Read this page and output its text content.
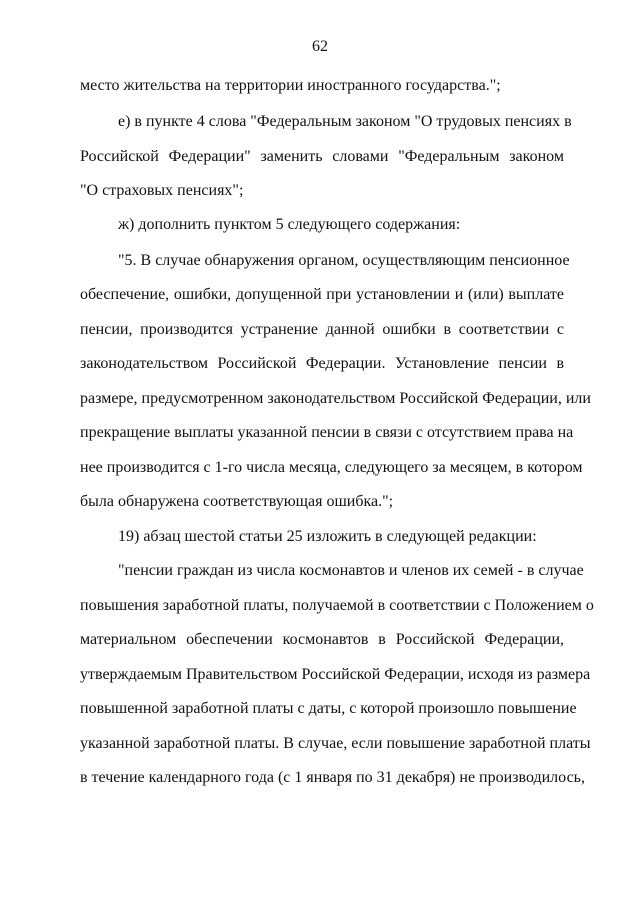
62
место жительства на территории иностранного государства.";
е) в пункте 4 слова "Федеральным законом "О трудовых пенсиях в
Российской Федерации" заменить словами "Федеральным законом
"О страховых пенсиях";
ж) дополнить пунктом 5 следующего содержания:
"5. В случае обнаружения органом, осуществляющим пенсионное
обеспечение, ошибки, допущенной при установлении и (или) выплате
пенсии, производится устранение данной ошибки в соответствии с
законодательством Российской Федерации. Установление пенсии в
размере, предусмотренном законодательством Российской Федерации, или
прекращение выплаты указанной пенсии в связи с отсутствием права на
нее производится с 1-го числа месяца, следующего за месяцем, в котором
была обнаружена соответствующая ошибка.";
19) абзац шестой статьи 25 изложить в следующей редакции:
"пенсии граждан из числа космонавтов и членов их семей - в случае
повышения заработной платы, получаемой в соответствии с Положением о
материальном обеспечении космонавтов в Российской Федерации,
утверждаемым Правительством Российской Федерации, исходя из размера
повышенной заработной платы с даты, с которой произошло повышение
указанной заработной платы. В случае, если повышение заработной платы
в течение календарного года (с 1 января по 31 декабря) не производилось,
